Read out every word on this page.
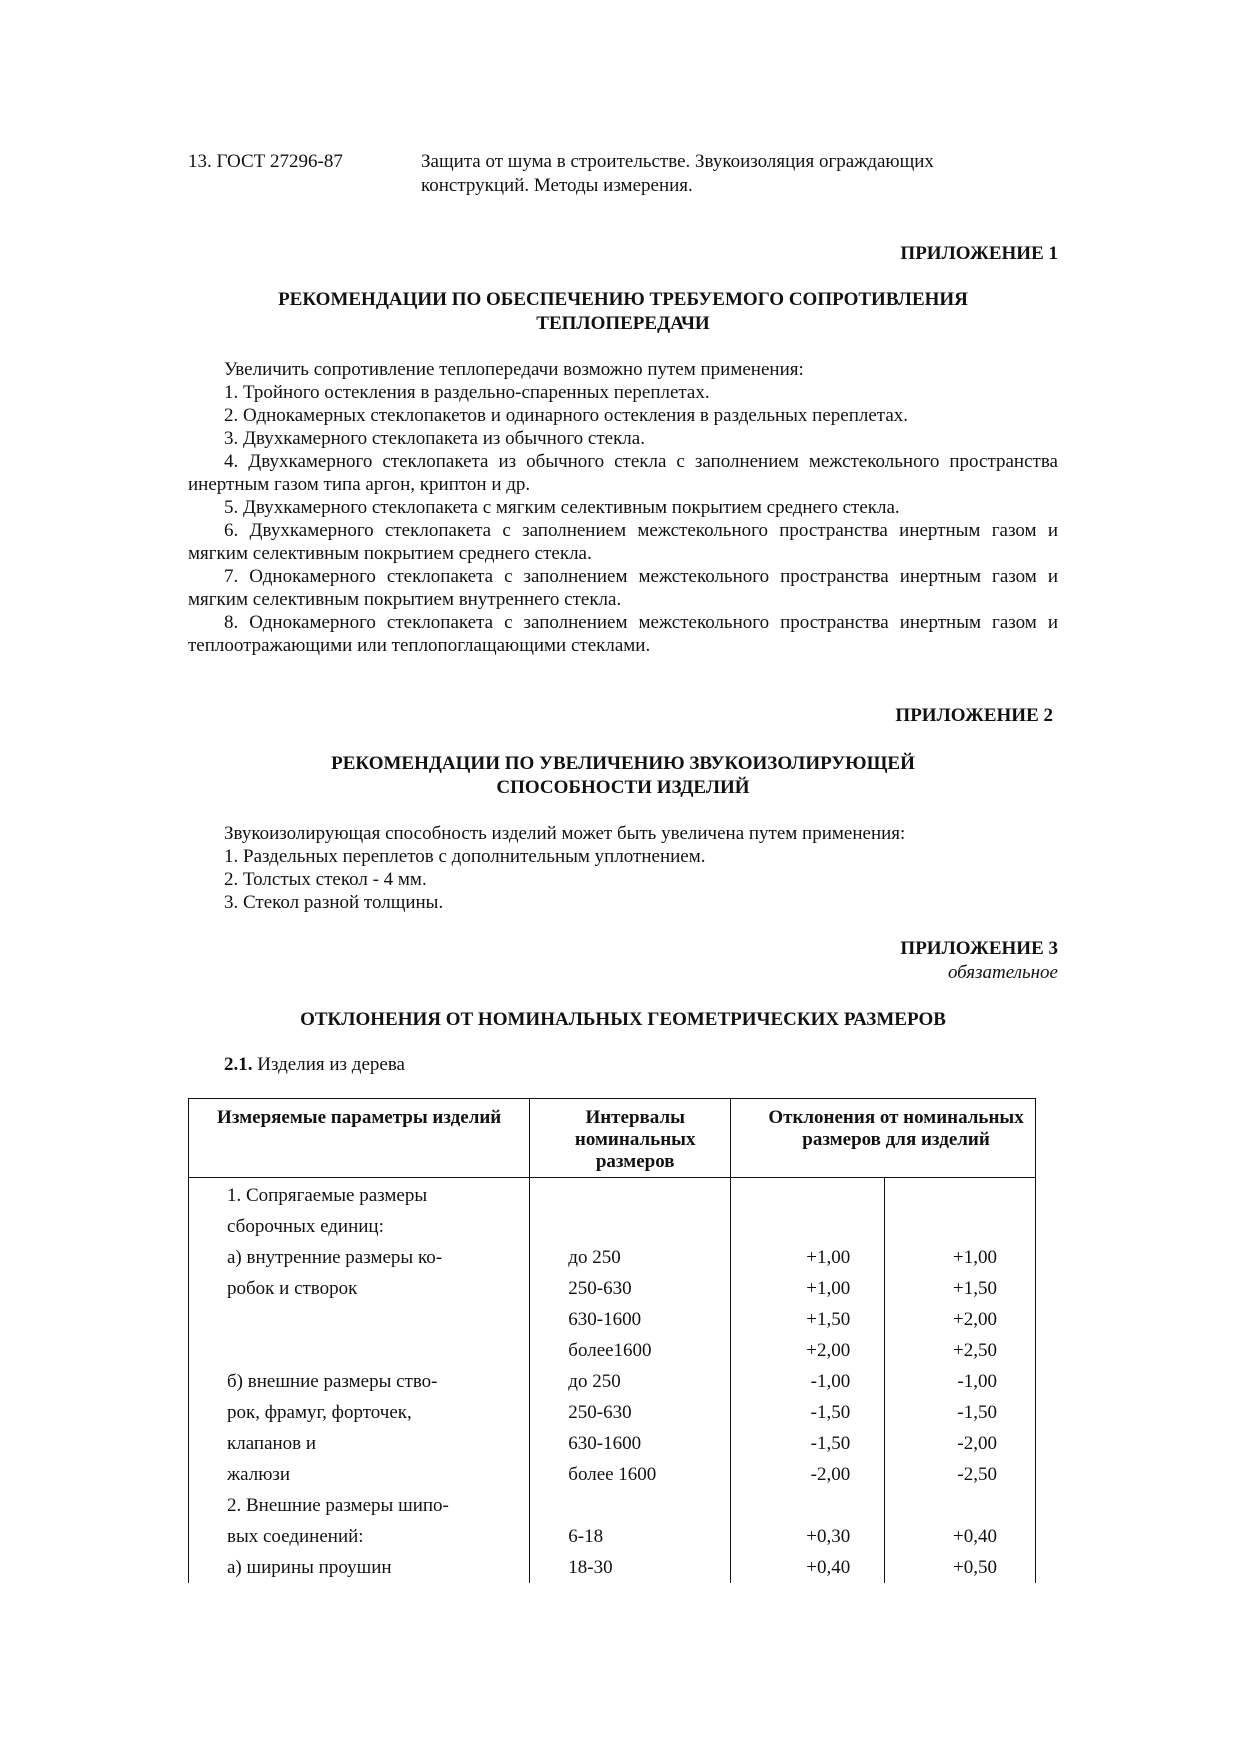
13. ГОСТ 27296-87	Защита от шума в строительстве. Звукоизоляция ограждающих конструкций. Методы измерения.
ПРИЛОЖЕНИЕ 1
РЕКОМЕНДАЦИИ ПО ОБЕСПЕЧЕНИЮ ТРЕБУЕМОГО СОПРОТИВЛЕНИЯ
ТЕПЛОПЕРЕДАЧИ

Увеличить сопротивление теплопередачи возможно путем применения:

1. Тройного остекления в раздельно-спаренных переплетах.

2. Однокамерных стеклопакетов и одинарного остекления в раздельных переплетах.

3. Двухкамерного стеклопакета из обычного стекла.

4. Двухкамерного стеклопакета из обычного стекла с заполнением межстекольного пространства инертным газом типа аргон, криптон и др.

5. Двухкамерного стеклопакета с мягким селективным покрытием среднего стекла.

6. Двухкамерного стеклопакета с заполнением межстекольного пространства инертным газом и мягким селективным покрытием среднего стекла.

7. Однокамерного стеклопакета с заполнением межстекольного пространства инертным газом и мягким селективным покрытием внутреннего стекла.

8. Однокамерного стеклопакета с заполнением межстекольного пространства инертным газом и теплоотражающими или теплопоглащающими стеклами.

ПРИЛОЖЕНИЕ 2
РЕКОМЕНДАЦИИ ПО УВЕЛИЧЕНИЮ ЗВУКОИЗОЛИРУЮЩЕЙ
СПОСОБНОСТИ ИЗДЕЛИЙ

Звукоизолирующая способность изделий может быть увеличена путем применения:

1. Раздельных переплетов с дополнительным уплотнением.

2. Толстых стекол - 4 мм.

3. Стекол разной толщины.

ПРИЛОЖЕНИЕ 3
обязательное
ОТКЛОНЕНИЯ ОТ НОМИНАЛЬНЫХ ГЕОМЕТРИЧЕСКИХ РАЗМЕРОВ
2.1. Изделия из дерева
Измеряемые параметры изделий	Интервалы номинальных размеров	Отклонения от номинальных размеров для изделий	
1. Сопрягаемые размеры			
сборочных единиц:			
а) внутренние размеры ко-	до 250	+1,00	+1,00
робок и створок	250-630	+1,00	+1,50
	630-1600	+1,50	+2,00
	более1600	+2,00	+2,50
б) внешние размеры ство-	до 250	-1,00	-1,00
рок, фрамуг, форточек,	250-630	-1,50	-1,50
клапанов и	630-1600	-1,50	-2,00
жалюзи	более 1600	-2,00	-2,50
2. Внешние размеры шипо-			
вых соединений:	6-18	+0,30	+0,40
а) ширины проушин	18-30	+0,40	+0,50
